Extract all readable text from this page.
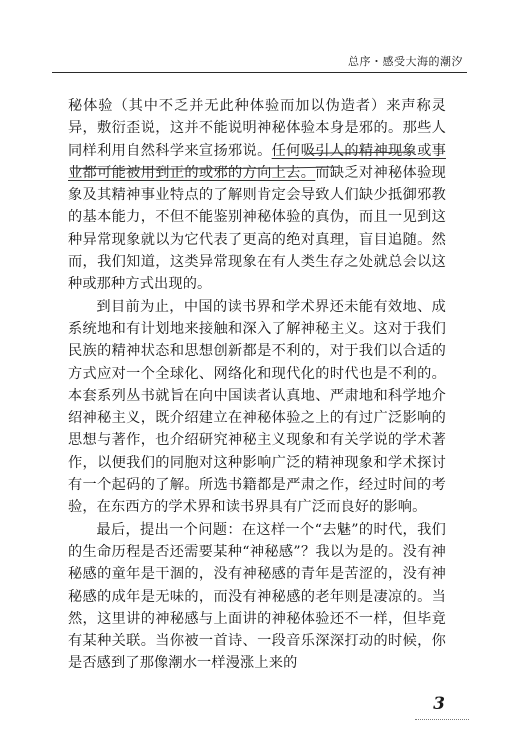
总序・感受大海的潮汐

秘体验（其中不乏并无此种体验而加以伪造者）来声称灵异，敷衍歪说，这并不能说明神秘体验本身是邪的。那些人同样利用自然科学来宣扬邪说。任何吸引人的精神现象或事业都可能被用到正的或邪的方向上去。而缺乏对神秘体验现象及其精神事业特点的了解则肯定会导致人们缺少抵御邪教的基本能力，不但不能鉴别神秘体验的真伪，而且一见到这种异常现象就以为它代表了更高的绝对真理，盲目追随。然而，我们知道，这类异常现象在有人类生存之处就总会以这种或那种方式出现的。

到目前为止，中国的读书界和学术界还未能有效地、成系统地和有计划地来接触和深入了解神秘主义。这对于我们民族的精神状态和思想创新都是不利的，对于我们以合适的方式应对一个全球化、网络化和现代化的时代也是不利的。本套系列丛书就旨在向中国读者认真地、严肃地和科学地介绍神秘主义，既介绍建立在神秘体验之上的有过广泛影响的思想与著作，也介绍研究神秘主义现象和有关学说的学术著作，以便我们的同胞对这种影响广泛的精神现象和学术探讨有一个起码的了解。所选书籍都是严肃之作，经过时间的考验，在东西方的学术界和读书界具有广泛而良好的影响。

最后，提出一个问题：在这样一个“去魅”的时代，我们的生命历程是否还需要某种“神秘感”？我以为是的。没有神秘感的童年是干涸的，没有神秘感的青年是苦涩的，没有神秘感的成年是无味的，而没有神秘感的老年则是凄凉的。当然，这里讲的神秘感与上面讲的神秘体验还不一样，但毕竟有某种关联。当你被一首诗、一段音乐深深打动的时候，你是否感到了那像潮水一样漫涨上来的

3
